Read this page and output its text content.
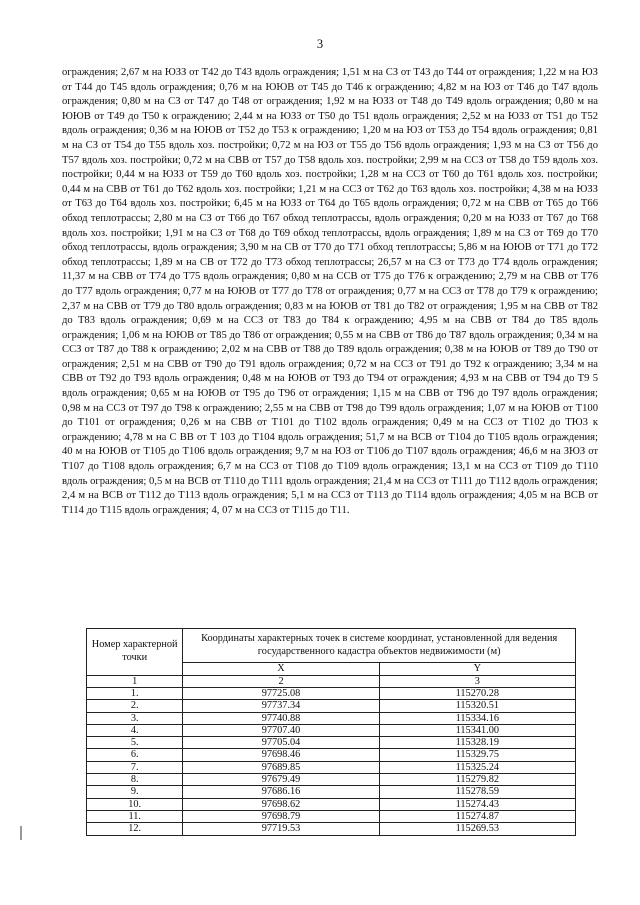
3

ограждения; 2,67 м на ЮЗЗ от Т42 до Т43 вдоль ограждения; 1,51 м на СЗ от Т43 до Т44 от ограждения; 1,22 м на ЮЗ от Т44 до Т45 вдоль ограждения; 0,76 м на ЮЮВ от Т45 до Т46 к ограждению; 4,82 м на ЮЗ от Т46 до Т47 вдоль ограждения; 0,80 м на СЗ от Т47 до Т48 от ограждения; 1,92 м на ЮЗЗ от Т48 до Т49 вдоль ограждения; 0,80 м на ЮЮВ от Т49 до Т50 к ограждению; 2,44 м на ЮЗЗ от Т50 до Т51 вдоль ограждения; 2,52 м на ЮЗЗ от Т51 до Т52 вдоль ограждения; 0,36 м на ЮЮВ от Т52 до Т53 к ограждению; 1,20 м на ЮЗ от Т53 до Т54 вдоль ограждения; 0,81 м на СЗ от Т54 до Т55 вдоль хоз. постройки; 0,72 м на ЮЗ от Т55 до Т56 вдоль ограждения; 1,93 м на СЗ от Т56 до Т57 вдоль хоз. постройки; 0,72 м на СВВ от Т57 до Т58 вдоль хоз. постройки; 2,99 м на ССЗ от Т58 до Т59 вдоль хоз. постройки; 0,44 м на ЮЗЗ от Т59 до Т60 вдоль хоз. постройки; 1,28 м на ССЗ от Т60 до Т61 вдоль хоз. постройки; 0,44 м на СВВ от Т61 до Т62 вдоль хоз. постройки; 1,21 м на ССЗ от Т62 до Т63 вдоль хоз. постройки; 4,38 м на ЮЗЗ от Т63 до Т64 вдоль хоз. постройки; 6,45 м на ЮЗЗ от Т64 до Т65 вдоль ограждения; 0,72 м на СВВ от Т65 до Т66 обход теплотрассы; 2,80 м на СЗ от Т66 до Т67 обход теплотрассы, вдоль ограждения; 0,20 м на ЮЗЗ от Т67 до Т68 вдоль хоз. постройки; 1,91 м на СЗ от Т68 до Т69 обход теплотрассы, вдоль ограждения; 1,89 м на СЗ от Т69 до Т70 обход теплотрассы, вдоль ограждения; 3,90 м на СВ от Т70 до Т71 обход теплотрассы; 5,86 м на ЮЮВ от Т71 до Т72 обход теплотрассы; 1,89 м на СВ от Т72 до Т73 обход теплотрассы; 26,57 м на СЗ от Т73 до Т74 вдоль ограждения; 11,37 м на СВВ от Т74 до Т75 вдоль ограждения; 0,80 м на ССВ от Т75 до Т76 к ограждению; 2,79 м на СВВ от Т76 до Т77 вдоль ограждения; 0,77 м на ЮЮВ от Т77 до Т78 от ограждения; 0,77 м на ССЗ от Т78 до Т79 к ограждению; 2,37 м на СВВ от Т79 до Т80 вдоль ограждения; 0,83 м на ЮЮВ от Т81 до Т82 от ограждения; 1,95 м на СВВ от Т82 до Т83 вдоль ограждения; 0,69 м на ССЗ от Т83 до Т84 к ограждению; 4,95 м на СВВ от Т84 до Т85 вдоль ограждения; 1,06 м на ЮЮВ от Т85 до Т86 от ограждения; 0,55 м на СВВ от Т86 до Т87 вдоль ограждения; 0,34 м на ССЗ от Т87 до Т88 к ограждению; 2,02 м на СВВ от Т88 до Т89 вдоль ограждения; 0,38 м на ЮЮВ от Т89 до Т90 от ограждения; 2,51 м на СВВ от Т90 до Т91 вдоль ограждения; 0,72 м на ССЗ от Т91 до Т92 к ограждению; 3,34 м на СВВ от Т92 до Т93 вдоль ограждения; 0,48 м на ЮЮВ от Т93 до Т94 от ограждения; 4,93 м на СВВ от Т94 до Т9 5 вдоль ограждения; 0,65 м на ЮЮВ от Т95 до Т96 от ограждения; 1,15 м на СВВ от Т96 до Т97 вдоль ограждения; 0,98 м на ССЗ от Т97 до Т98 к ограждению; 2,55 м на СВВ от Т98 до Т99 вдоль ограждения; 1,07 м на ЮЮВ от Т100 до Т101 от ограждения; 0,26 м на СВВ от Т101 до Т102 вдоль ограждения; 0,49 м на ССЗ от Т102 до ТЮ3 к ограждению; 4,78 м на С ВВ от Т 103 до Т104 вдоль ограждения; 51,7 м на ВСВ от Т104 до Т105 вдоль ограждения; 40 м на ЮЮВ от Т105 до Т106 вдоль ограждения; 9,7 м на ЮЗ от Т106 до Т107 вдоль ограждения; 46,6 м на ЗЮЗ от Т107 до Т108 вдоль ограждения; 6,7 м на ССЗ от Т108 до Т109 вдоль ограждения; 13,1 м на ССЗ от Т109 до Т110 вдоль ограждения; 0,5 м на ВСВ от Т110 до Т111 вдоль ограждения; 21,4 м на ССЗ от Т111 до Т112 вдоль ограждения; 2,4 м на ВСВ от Т112 до Т113 вдоль ограждения; 5,1 м на ССЗ от Т113 до Т114 вдоль ограждения; 4,05 м на ВСВ от Т114 до Т115 вдоль ограждения; 4, 07 м на ССЗ от Т115 до Т11.

Номер характерной точки	Координаты характерных точек в системе координат, установленной для ведения государственного кадастра объектов недвижимости (м)	
	X	Y
1	2	3
1.	97725.08	115270.28
2.	97737.34	115320.51
3.	97740.88	115334.16
4.	97707.40	115341.00
5.	97705.04	115328.19
6.	97698.46	115329.75
7.	97689.85	115325.24
8.	97679.49	115279.82
9.	97686.16	115278.59
10.	97698.62	115274.43
11.	97698.79	115274.87
12.	97719.53	115269.53
